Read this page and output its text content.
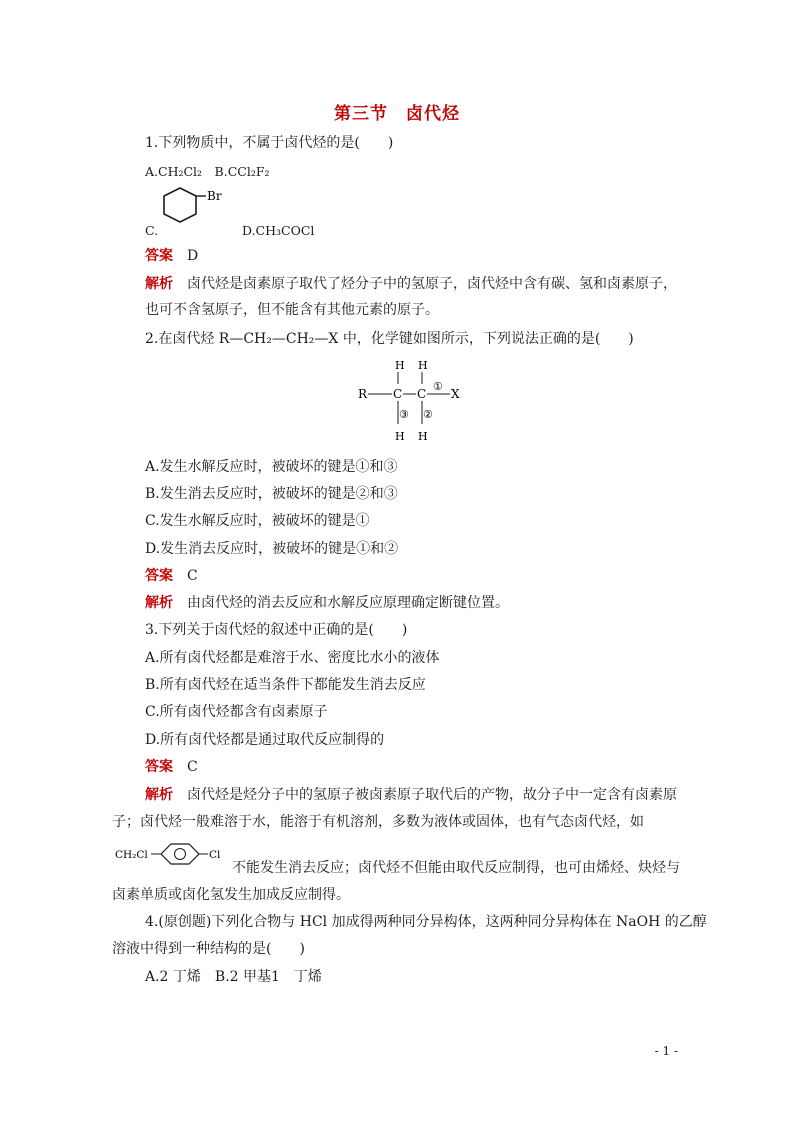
第三节　卤代烃
1.下列物质中，不属于卤代烃的是(　　)
A.CH₂Cl₂　B.CCl₂F₂
Br
C.	D.CH₃COCl
答案 D
解析 卤代烃是卤素原子取代了烃分子中的氢原子，卤代烃中含有碳、氢和卤素原子，
也可不含氢原子，但不能含有其他元素的原子。
2.在卤代烃 R—CH₂—CH₂—X 中，化学键如图所示，下列说法正确的是(　　)
R C C X
H H
H H
①
③ ②
A.发生水解反应时，被破坏的键是①和③
B.发生消去反应时，被破坏的键是②和③
C.发生水解反应时，被破坏的键是①
D.发生消去反应时，被破坏的键是①和②
答案 C
解析 由卤代烃的消去反应和水解反应原理确定断键位置。
3.下列关于卤代烃的叙述中正确的是(　　)
A.所有卤代烃都是难溶于水、密度比水小的液体
B.所有卤代烃在适当条件下都能发生消去反应
C.所有卤代烃都含有卤素原子
D.所有卤代烃都是通过取代反应制得的
答案 C
解析 卤代烃是烃分子中的氢原子被卤素原子取代后的产物，故分子中一定含有卤素原
子；卤代烃一般难溶于水，能溶于有机溶剂，多数为液体或固体，也有气态卤代烃，如
CH₂Cl	Cl
不能发生消去反应；卤代烃不但能由取代反应制得，也可由烯烃、炔烃与
卤素单质或卤化氢发生加成反应制得。
4.(原创题)下列化合物与 HCl 加成得两种同分异构体，这两种同分异构体在 NaOH 的乙醇
溶液中得到一种结构的是(　　)
A.2 丁烯　B.2 甲基1　丁烯
- 1 -
